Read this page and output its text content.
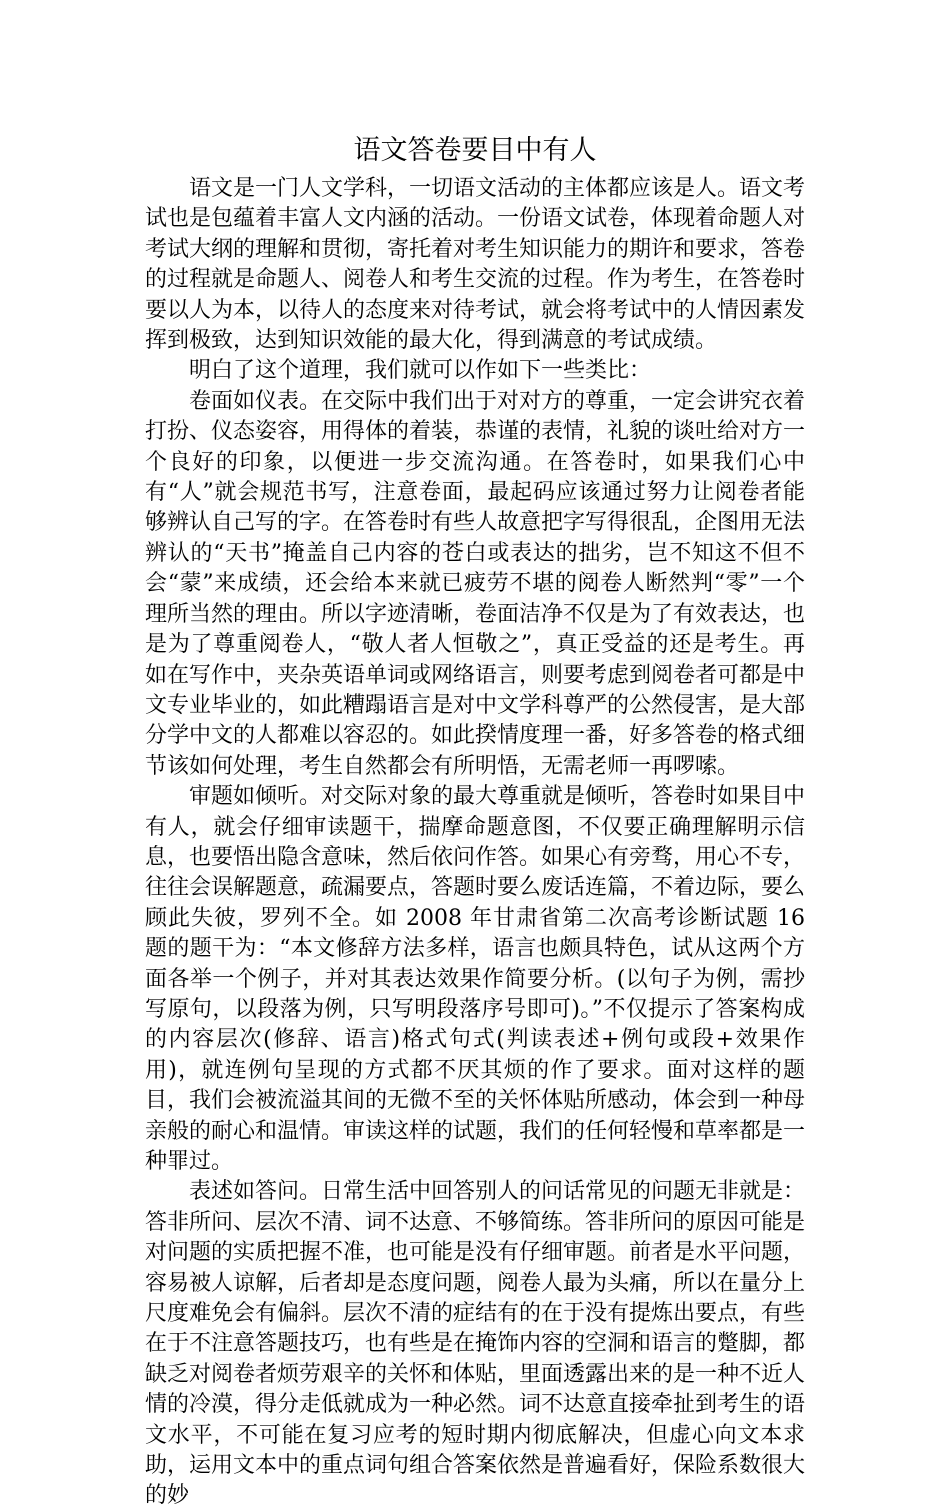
语文答卷要目中有人

语文是一门人文学科，一切语文活动的主体都应该是人。语文考试也是包蕴着丰富人文内涵的活动。一份语文试卷，体现着命题人对考试大纲的理解和贯彻，寄托着对考生知识能力的期许和要求，答卷的过程就是命题人、阅卷人和考生交流的过程。作为考生，在答卷时要以人为本，以待人的态度来对待考试，就会将考试中的人情因素发挥到极致，达到知识效能的最大化，得到满意的考试成绩。

明白了这个道理，我们就可以作如下一些类比：

卷面如仪表。在交际中我们出于对对方的尊重，一定会讲究衣着打扮、仪态姿容，用得体的着装，恭谨的表情，礼貌的谈吐给对方一个良好的印象，以便进一步交流沟通。在答卷时，如果我们心中有“人”就会规范书写，注意卷面，最起码应该通过努力让阅卷者能够辨认自己写的字。在答卷时有些人故意把字写得很乱，企图用无法辨认的“天书”掩盖自己内容的苍白或表达的拙劣，岂不知这不但不会“蒙”来成绩，还会给本来就已疲劳不堪的阅卷人断然判“零”一个理所当然的理由。所以字迹清晰，卷面洁净不仅是为了有效表达，也是为了尊重阅卷人，“敬人者人恒敬之”，真正受益的还是考生。再如在写作中，夹杂英语单词或网络语言，则要考虑到阅卷者可都是中文专业毕业的，如此糟蹋语言是对中文学科尊严的公然侵害，是大部分学中文的人都难以容忍的。如此揆情度理一番，好多答卷的格式细节该如何处理，考生自然都会有所明悟，无需老师一再啰嗦。

审题如倾听。对交际对象的最大尊重就是倾听，答卷时如果目中有人，就会仔细审读题干，揣摩命题意图，不仅要正确理解明示信息，也要悟出隐含意味，然后依问作答。如果心有旁骛，用心不专，往往会误解题意，疏漏要点，答题时要么废话连篇，不着边际，要么顾此失彼，罗列不全。如 2008 年甘肃省第二次高考诊断试题 16 题的题干为：“本文修辞方法多样，语言也颇具特色，试从这两个方面各举一个例子，并对其表达效果作简要分析。(以句子为例，需抄写原句，以段落为例，只写明段落序号即可)。”不仅提示了答案构成的内容层次(修辞、语言)格式句式(判读表述+例句或段+效果作用)，就连例句呈现的方式都不厌其烦的作了要求。面对这样的题目，我们会被流溢其间的无微不至的关怀体贴所感动，体会到一种母亲般的耐心和温情。审读这样的试题，我们的任何轻慢和草率都是一种罪过。

表述如答问。日常生活中回答别人的问话常见的问题无非就是：答非所问、层次不清、词不达意、不够简练。答非所问的原因可能是对问题的实质把握不准，也可能是没有仔细审题。前者是水平问题，容易被人谅解，后者却是态度问题，阅卷人最为头痛，所以在量分上尺度难免会有偏斜。层次不清的症结有的在于没有提炼出要点，有些在于不注意答题技巧，也有些是在掩饰内容的空洞和语言的蹩脚，都缺乏对阅卷者烦劳艰辛的关怀和体贴，里面透露出来的是一种不近人情的冷漠，得分走低就成为一种必然。词不达意直接牵扯到考生的语文水平，不可能在复习应考的短时期内彻底解决，但虚心向文本求助，运用文本中的重点词句组合答案依然是普遍看好，保险系数很大的妙
